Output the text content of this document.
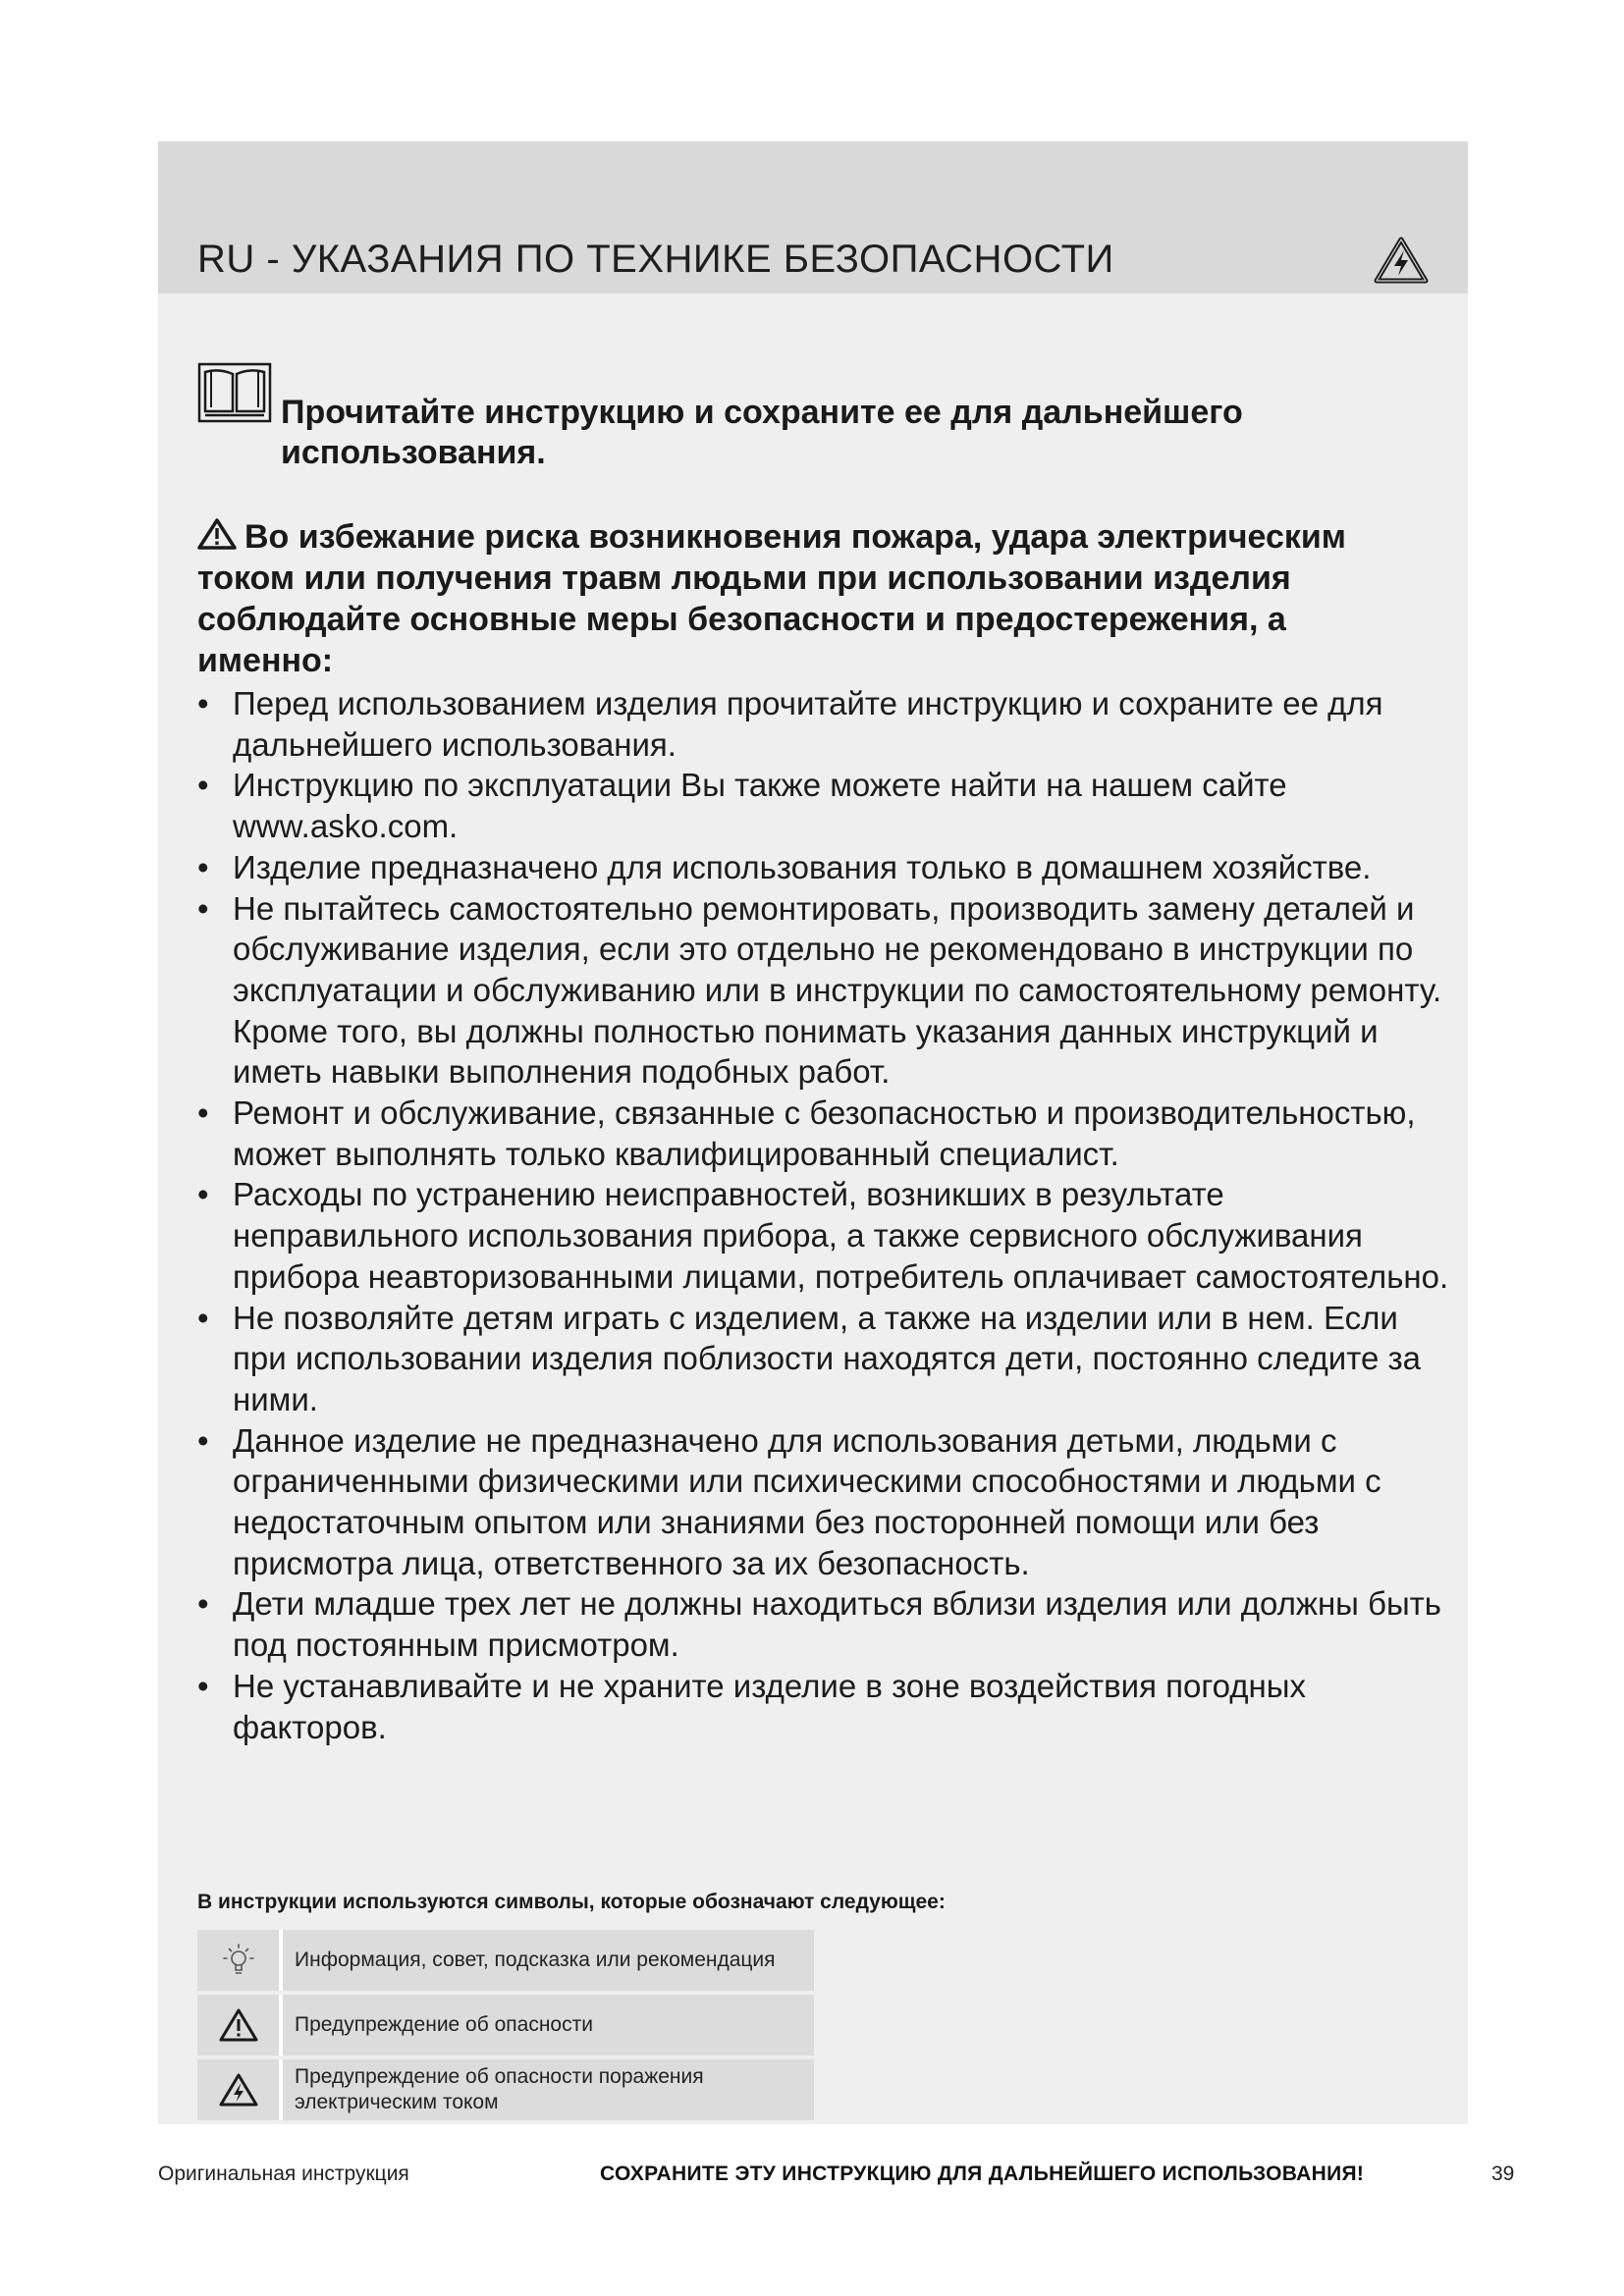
RU - УКАЗАНИЯ ПО ТЕХНИКЕ БЕЗОПАСНОСТИ

Прочитайте инструкцию и сохраните ее для дальнейшего использования.

Во избежание риска возникновения пожара, удара электрическим током или получения травм людьми при использовании изделия соблюдайте основные меры безопасности и предостережения, а именно:

• Перед использованием изделия прочитайте инструкцию и сохраните ее для дальнейшего использования.
• Инструкцию по эксплуатации Вы также можете найти на нашем сайте www.asko.com.
• Изделие предназначено для использования только в домашнем хозяйстве.
• Не пытайтесь самостоятельно ремонтировать, производить замену деталей и обслуживание изделия, если это отдельно не рекомендовано в инструкции по эксплуатации и обслуживанию или в инструкции по самостоятельному ремонту. Кроме того, вы должны полностью понимать указания данных инструкций и иметь навыки выполнения подобных работ.
• Ремонт и обслуживание, связанные с безопасностью и производительностью, может выполнять только квалифицированный специалист.
• Расходы по устранению неисправностей, возникших в результате неправильного использования прибора, а также сервисного обслуживания прибора неавторизованными лицами, потребитель оплачивает самостоятельно.
• Не позволяйте детям играть с изделием, а также на изделии или в нем. Если при использовании изделия поблизости находятся дети, постоянно следите за ними.
• Данное изделие не предназначено для использования детьми, людьми с ограниченными физическими или психическими способностями и людьми с недостаточным опытом или знаниями без посторонней помощи или без присмотра лица, ответственного за их безопасность.
• Дети младше трех лет не должны находиться вблизи изделия или должны быть под постоянным присмотром.
• Не устанавливайте и не храните изделие в зоне воздействия погодных факторов.

В инструкции используются символы, которые обозначают следующее:

Информация, совет, подсказка или рекомендация
Предупреждение об опасности
Предупреждение об опасности поражения электрическим током
Оригинальная инструкция	СОХРАНИТЕ ЭТУ ИНСТРУКЦИЮ ДЛЯ ДАЛЬНЕЙШЕГО ИСПОЛЬЗОВАНИЯ!	39
